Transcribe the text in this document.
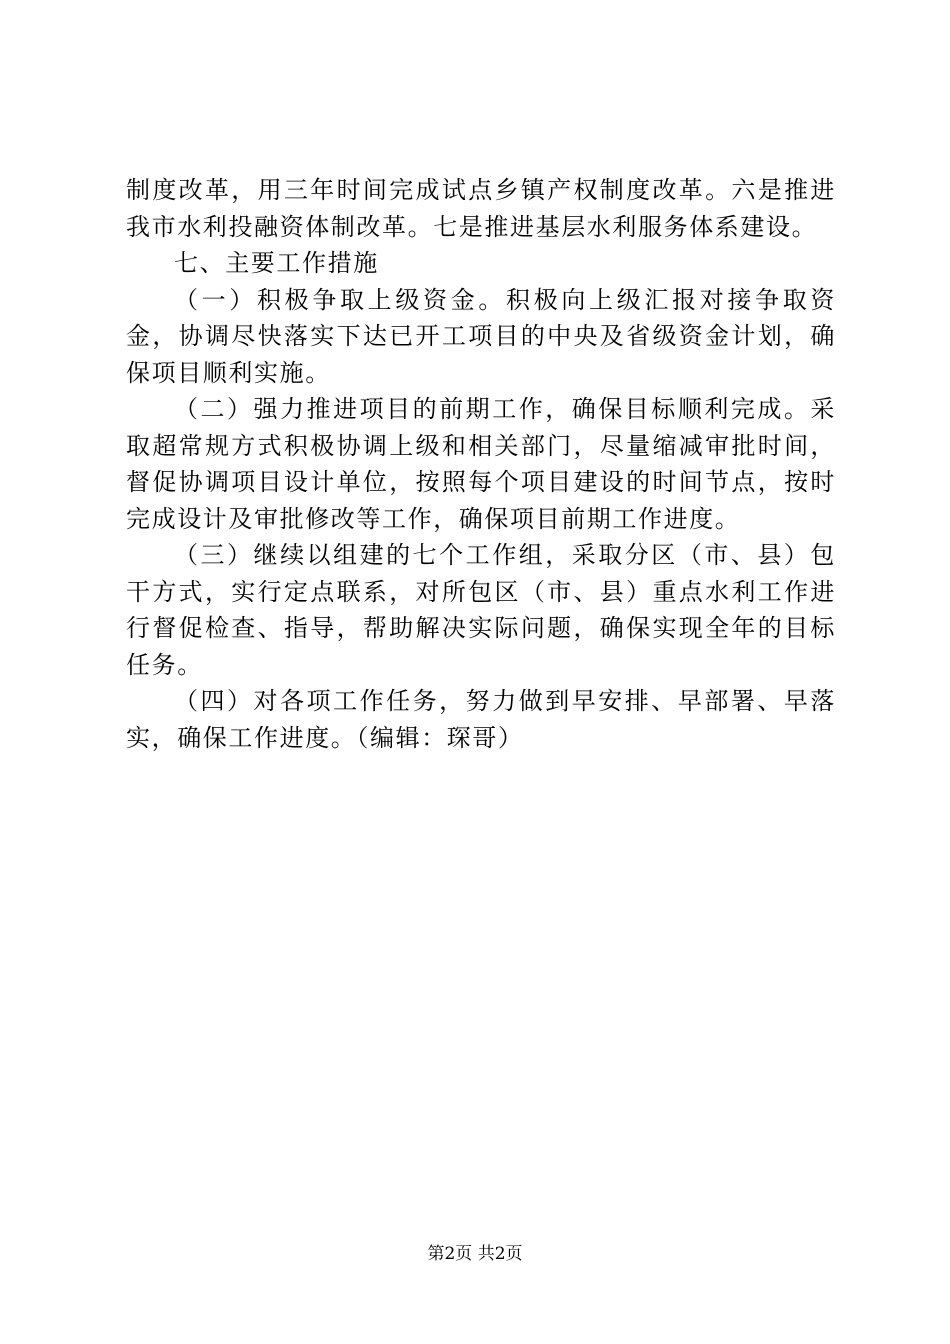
制度改革，用三年时间完成试点乡镇产权制度改革。六是推进我市水利投融资体制改革。七是推进基层水利服务体系建设。

七、主要工作措施

（一）积极争取上级资金。积极向上级汇报对接争取资金，协调尽快落实下达已开工项目的中央及省级资金计划，确保项目顺利实施。

（二）强力推进项目的前期工作，确保目标顺利完成。采取超常规方式积极协调上级和相关部门，尽量缩减审批时间，督促协调项目设计单位，按照每个项目建设的时间节点，按时完成设计及审批修改等工作，确保项目前期工作进度。

（三）继续以组建的七个工作组，采取分区（市、县）包干方式，实行定点联系，对所包区（市、县）重点水利工作进行督促检查、指导，帮助解决实际问题，确保实现全年的目标任务。

（四）对各项工作任务，努力做到早安排、早部署、早落实，确保工作进度。（编辑：琛哥）

第2页 共2页
